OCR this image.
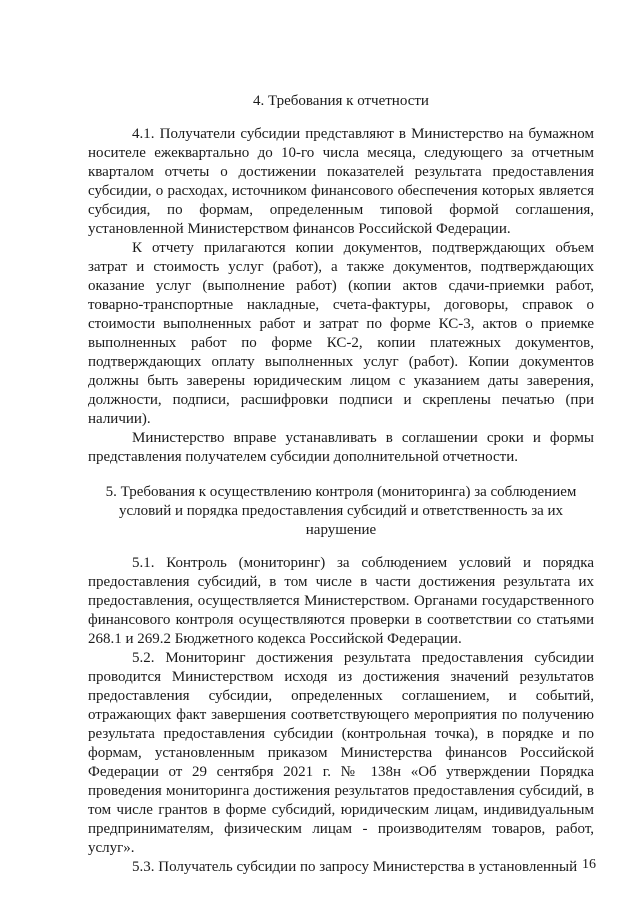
4. Требования к отчетности

4.1. Получатели субсидии представляют в Министерство на бумажном носителе ежеквартально до 10-го числа месяца, следующего за отчетным кварталом отчеты о достижении показателей результата предоставления субсидии, о расходах, источником финансового обеспечения которых является субсидия, по формам, определенным типовой формой соглашения, установленной Министерством финансов Российской Федерации.

К отчету прилагаются копии документов, подтверждающих объем затрат и стоимость услуг (работ), а также документов, подтверждающих оказание услуг (выполнение работ) (копии актов сдачи-приемки работ, товарно-транспортные накладные, счета-фактуры, договоры, справок о стоимости выполненных работ и затрат по форме КС-3, актов о приемке выполненных работ по форме КС-2, копии платежных документов, подтверждающих оплату выполненных услуг (работ). Копии документов должны быть заверены юридическим лицом с указанием даты заверения, должности, подписи, расшифровки подписи и скреплены печатью (при наличии).

Министерство вправе устанавливать в соглашении сроки и формы представления получателем субсидии дополнительной отчетности.

5. Требования к осуществлению контроля (мониторинга) за соблюдением условий и порядка предоставления субсидий и ответственность за их нарушение

5.1. Контроль (мониторинг) за соблюдением условий и порядка предоставления субсидий, в том числе в части достижения результата их предоставления, осуществляется Министерством. Органами государственного финансового контроля осуществляются проверки в соответствии со статьями 268.1 и 269.2 Бюджетного кодекса Российской Федерации.

5.2. Мониторинг достижения результата предоставления субсидии проводится Министерством исходя из достижения значений результатов предоставления субсидии, определенных соглашением, и событий, отражающих факт завершения соответствующего мероприятия по получению результата предоставления субсидии (контрольная точка), в порядке и по формам, установленным приказом Министерства финансов Российской Федерации от 29 сентября 2021 г. № 138н «Об утверждении Порядка проведения мониторинга достижения результатов предоставления субсидий, в том числе грантов в форме субсидий, юридическим лицам, индивидуальным предпринимателям, физическим лицам - производителям товаров, работ, услуг».

5.3. Получатель субсидии по запросу Министерства в установленный 16
